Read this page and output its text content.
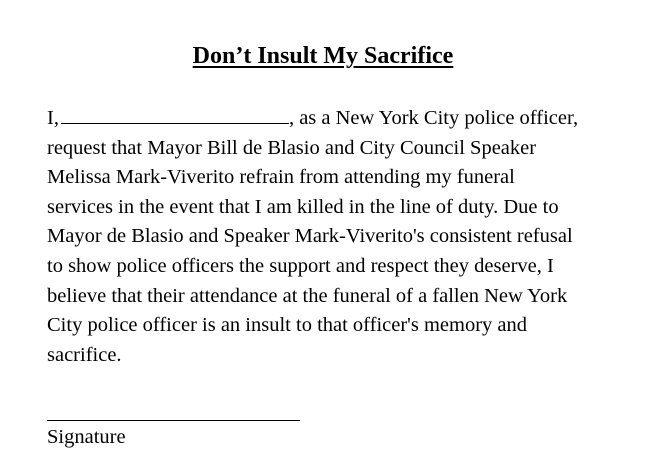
Don’t Insult My Sacrifice
I,	, as a New York City police officer,
request that Mayor Bill de Blasio and City Council Speaker
Melissa Mark-Viverito refrain from attending my funeral
services in the event that I am killed in the line of duty. Due to
Mayor de Blasio and Speaker Mark-Viverito's consistent refusal
to show police officers the support and respect they deserve, I
believe that their attendance at the funeral of a fallen New York
City police officer is an insult to that officer's memory and
sacrifice.
Signature
